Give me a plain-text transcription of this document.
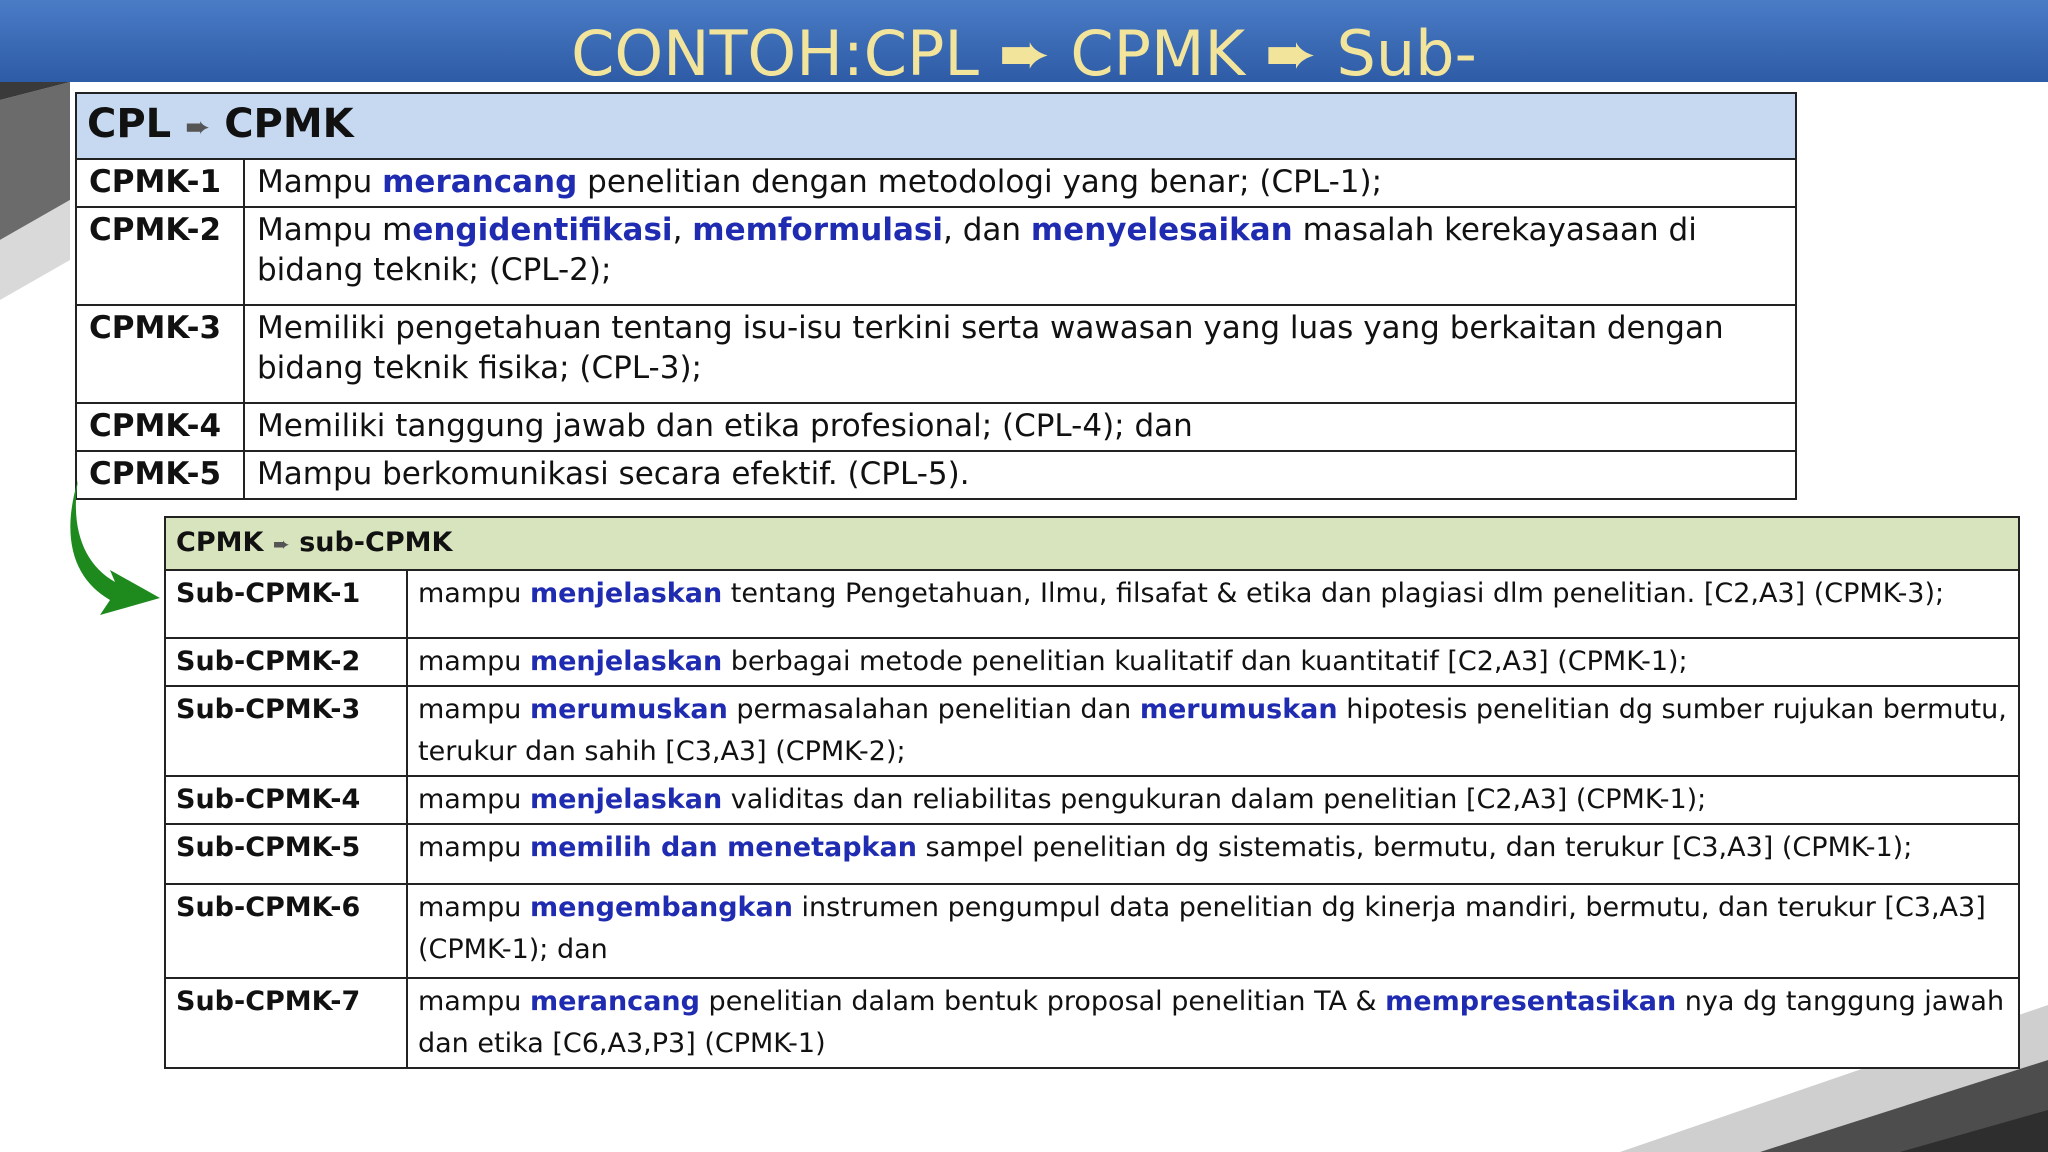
CONTOH:CPL ➨ CPMK ➨ Sub-
CPL ➨ CPMK	
CPMK-1	Mampu merancang penelitian dengan metodologi yang benar; (CPL-1);
CPMK-2	Mampu mengidentifikasi, memformulasi, dan menyelesaikan masalah kerekayasaan di bidang teknik; (CPL-2);
CPMK-3	Memiliki pengetahuan tentang isu-isu terkini serta wawasan yang luas yang berkaitan dengan bidang teknik fisika; (CPL-3);
CPMK-4	Memiliki tanggung jawab dan etika profesional; (CPL-4); dan
CPMK-5	Mampu berkomunikasi secara efektif. (CPL-5).
CPMK ➨ sub-CPMK	
Sub-CPMK-1	mampu menjelaskan tentang Pengetahuan, Ilmu, filsafat & etika dan plagiasi dlm penelitian. [C2,A3] (CPMK-3);
Sub-CPMK-2	mampu menjelaskan berbagai metode penelitian kualitatif dan kuantitatif [C2,A3] (CPMK-1);
Sub-CPMK-3	mampu merumuskan permasalahan penelitian dan merumuskan hipotesis penelitian dg sumber rujukan bermutu, terukur dan sahih [C3,A3] (CPMK-2);
Sub-CPMK-4	mampu menjelaskan validitas dan reliabilitas pengukuran dalam penelitian [C2,A3] (CPMK-1);
Sub-CPMK-5	mampu memilih dan menetapkan sampel penelitian dg sistematis, bermutu, dan terukur [C3,A3] (CPMK-1);
Sub-CPMK-6	mampu mengembangkan instrumen pengumpul data penelitian dg kinerja mandiri, bermutu, dan terukur [C3,A3] (CPMK-1); dan
Sub-CPMK-7	mampu merancang penelitian dalam bentuk proposal penelitian TA & mempresentasikan nya dg tanggung jawah dan etika [C6,A3,P3] (CPMK-1)
